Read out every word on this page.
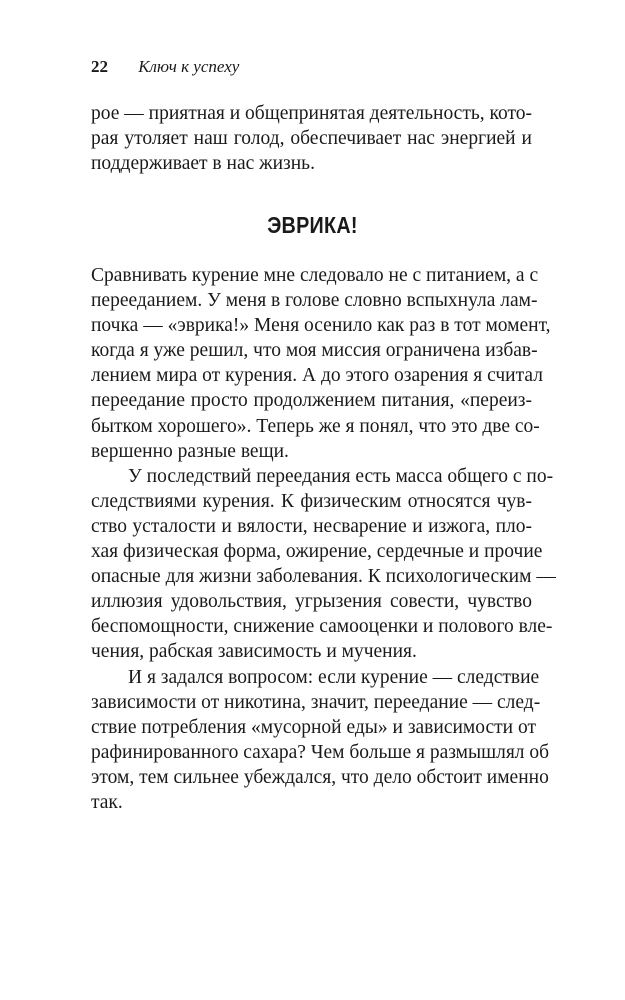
22 Ключ к успеху
рое — приятная и общепринятая деятельность, кото-
рая утоляет наш голод, обеспечивает нас энергией и
поддерживает в нас жизнь.
ЭВРИКА!
Сравнивать курение мне следовало не с питанием, а с
перееданием. У меня в голове словно вспыхнула лам-
почка — «эврика!» Меня осенило как раз в тот момент,
когда я уже решил, что моя миссия ограничена избав-
лением мира от курения. А до этого озарения я считал
переедание просто продолжением питания, «переиз-
бытком хорошего». Теперь же я понял, что это две со-
вершенно разные вещи.
У последствий переедания есть масса общего с по-
следствиями курения. К физическим относятся чув-
ство усталости и вялости, несварение и изжога, пло-
хая физическая форма, ожирение, сердечные и прочие
опасные для жизни заболевания. К психологическим —
иллюзия удовольствия, угрызения совести, чувство
беспомощности, снижение самооценки и полового вле-
чения, рабская зависимость и мучения.
И я задался вопросом: если курение — следствие
зависимости от никотина, значит, переедание — след-
ствие потребления «мусорной еды» и зависимости от
рафинированного сахара? Чем больше я размышлял об
этом, тем сильнее убеждался, что дело обстоит именно
так.
